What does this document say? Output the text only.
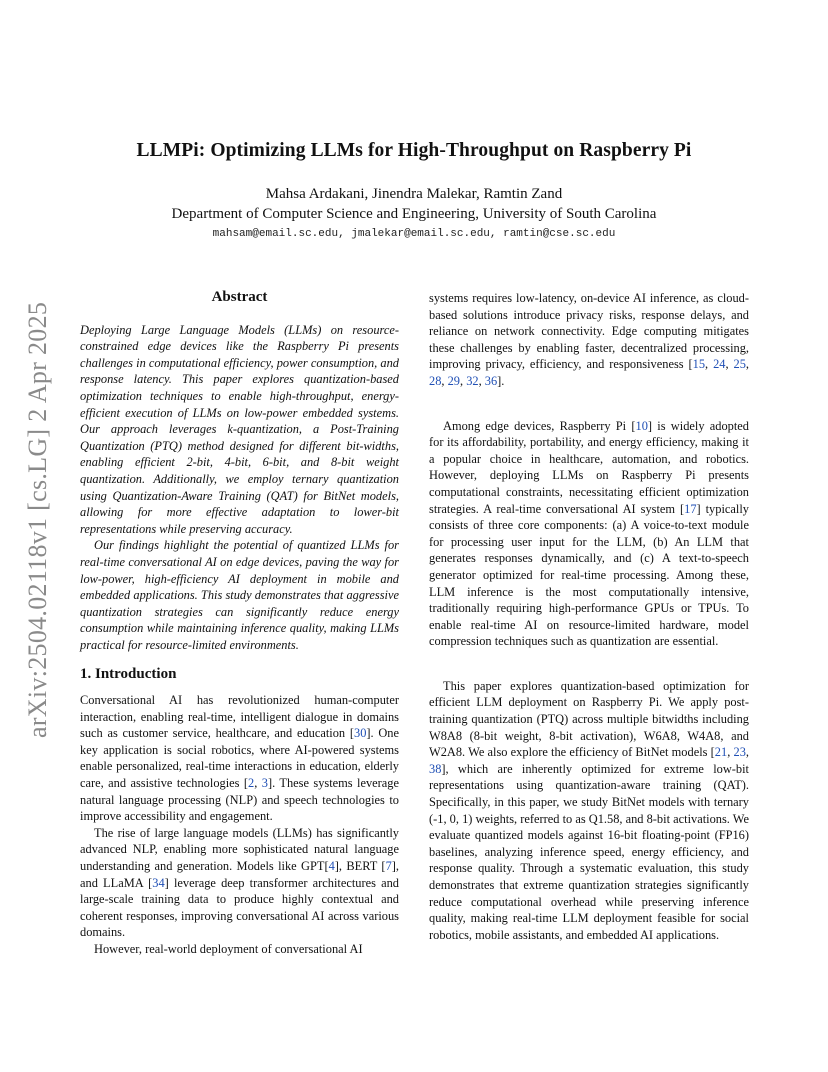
arXiv:2504.02118v1 [cs.LG] 2 Apr 2025
LLMPi: Optimizing LLMs for High-Throughput on Raspberry Pi
Mahsa Ardakani, Jinendra Malekar, Ramtin Zand
Department of Computer Science and Engineering, University of South Carolina
mahsam@email.sc.edu, jmalekar@email.sc.edu, ramtin@cse.sc.edu
Abstract

Deploying Large Language Models (LLMs) on resource-constrained edge devices like the Raspberry Pi presents challenges in computational efficiency, power consumption, and response latency. This paper explores quantization-based optimization techniques to enable high-throughput, energy-efficient execution of LLMs on low-power embedded systems. Our approach leverages k-quantization, a Post-Training Quantization (PTQ) method designed for different bit-widths, enabling efficient 2-bit, 4-bit, 6-bit, and 8-bit weight quantization. Additionally, we employ ternary quantization using Quantization-Aware Training (QAT) for BitNet models, allowing for more effective adaptation to lower-bit representations while preserving accuracy.

Our findings highlight the potential of quantized LLMs for real-time conversational AI on edge devices, paving the way for low-power, high-efficiency AI deployment in mobile and embedded applications. This study demonstrates that aggressive quantization strategies can significantly reduce energy consumption while maintaining inference quality, making LLMs practical for resource-limited environments.

1. Introduction

Conversational AI has revolutionized human-computer interaction, enabling real-time, intelligent dialogue in domains such as customer service, healthcare, and education [30]. One key application is social robotics, where AI-powered systems enable personalized, real-time interactions in education, elderly care, and assistive technologies [2, 3]. These systems leverage natural language processing (NLP) and speech technologies to improve accessibility and engagement.

The rise of large language models (LLMs) has significantly advanced NLP, enabling more sophisticated natural language understanding and generation. Models like GPT[4], BERT [7], and LLaMA [34] leverage deep transformer architectures and large-scale training data to produce highly contextual and coherent responses, improving conversational AI across various domains.

However, real-world deployment of conversational AI

systems requires low-latency, on-device AI inference, as cloud-based solutions introduce privacy risks, response delays, and reliance on network connectivity. Edge computing mitigates these challenges by enabling faster, decentralized processing, improving privacy, efficiency, and responsiveness [15, 24, 25, 28, 29, 32, 36].

Among edge devices, Raspberry Pi [10] is widely adopted for its affordability, portability, and energy efficiency, making it a popular choice in healthcare, automation, and robotics. However, deploying LLMs on Raspberry Pi presents computational constraints, necessitating efficient optimization strategies. A real-time conversational AI system [17] typically consists of three core components: (a) A voice-to-text module for processing user input for the LLM, (b) An LLM that generates responses dynamically, and (c) A text-to-speech generator optimized for real-time processing. Among these, LLM inference is the most computationally intensive, traditionally requiring high-performance GPUs or TPUs. To enable real-time AI on resource-limited hardware, model compression techniques such as quantization are essential.

This paper explores quantization-based optimization for efficient LLM deployment on Raspberry Pi. We apply post-training quantization (PTQ) across multiple bitwidths including W8A8 (8-bit weight, 8-bit activation), W6A8, W4A8, and W2A8. We also explore the efficiency of BitNet models [21, 23, 38], which are inherently optimized for extreme low-bit representations using quantization-aware training (QAT). Specifically, in this paper, we study BitNet models with ternary (-1, 0, 1) weights, referred to as Q1.58, and 8-bit activations. We evaluate quantized models against 16-bit floating-point (FP16) baselines, analyzing inference speed, energy efficiency, and response quality. Through a systematic evaluation, this study demonstrates that extreme quantization strategies significantly reduce computational overhead while preserving inference quality, making real-time LLM deployment feasible for social robotics, mobile assistants, and embedded AI applications.
